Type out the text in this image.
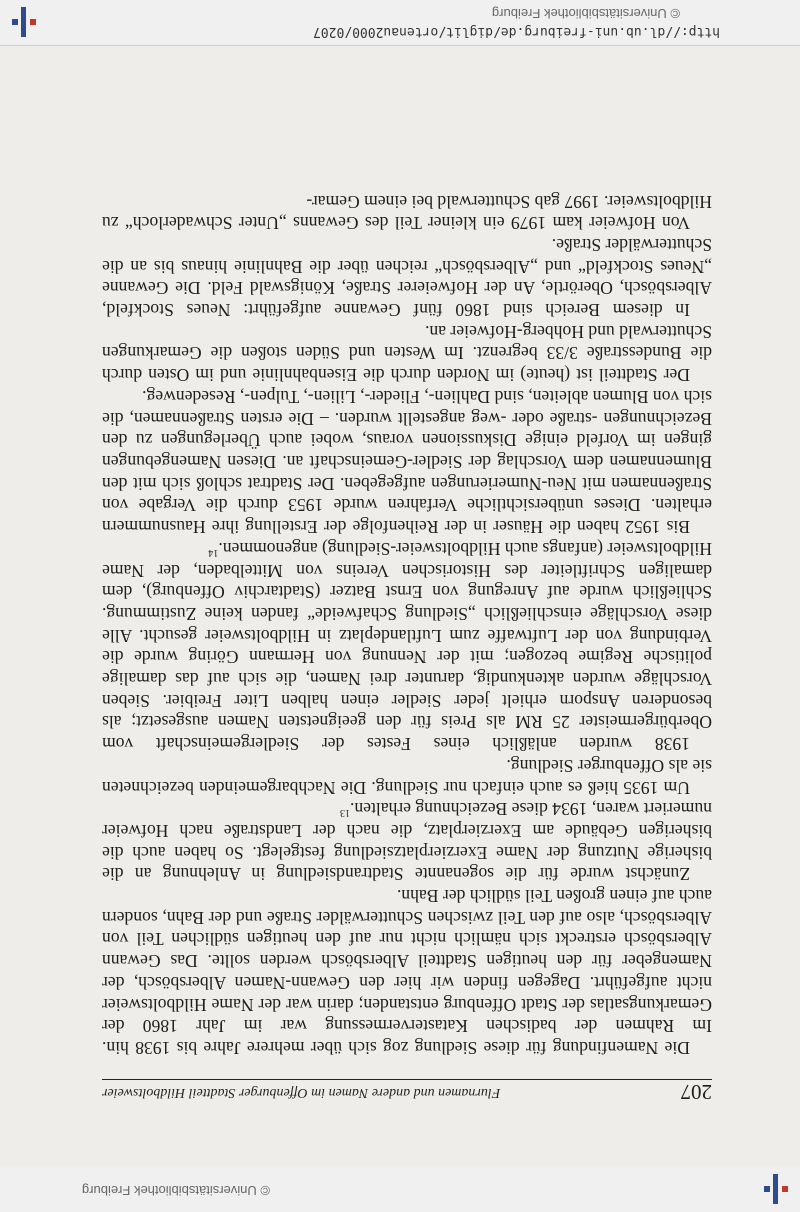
© Universitätsbibliothek Freiburg
207
Flurnamen und andere Namen im Offenburger Stadtteil Hildboltsweier

Die Namenfindung für diese Siedlung zog sich über mehrere Jahre bis 1938 hin. Im Rahmen der badischen Katastervermessung war im Jahr 1860 der Gemarkungsatlas der Stadt Offenburg entstanden; darin war der Name Hildboltsweier nicht aufgeführt. Dagegen finden wir hier den Gewann-Namen Albersbösch, der Namengeber für den heutigen Stadtteil Albersbösch werden sollte. Das Gewann Albersbösch erstreckt sich nämlich nicht nur auf den heutigen südlichen Teil von Albersbösch, also auf den Teil zwischen Schutterwälder Straße und der Bahn, sondern auch auf einen großen Teil südlich der Bahn.

Zunächst wurde für die sogenannte Stadtrandsiedlung in Anlehnung an die bisherige Nutzung der Name Exerzierplatzsiedlung festgelegt. So haben auch die bisherigen Gebäude am Exerzierplatz, die nach der Landstraße nach Hofweier numeriert waren, 1934 diese Bezeichnung erhalten.$^{13}$

Um 1935 hieß es auch einfach nur Siedlung. Die Nachbargemeinden bezeichneten sie als Offenburger Siedlung.

1938 wurden anläßlich eines Festes der Siedlergemeinschaft vom Oberbürgermeister 25 RM als Preis für den geeignetsten Namen ausgesetzt; als besonderen Ansporn erhielt jeder Siedler einen halben Liter Freibier. Sieben Vorschläge wurden aktenkundig, darunter drei Namen, die sich auf das damalige politische Regime bezogen; mit der Nennung von Hermann Göring wurde die Verbindung von der Luftwaffe zum Luftlandeplatz in Hildboltsweier gesucht. Alle diese Vorschläge einschließlich „Siedlung Schafweide“ fanden keine Zustimmung. Schließlich wurde auf Anregung von Ernst Batzer (Stadtarchiv Offenburg), dem damaligen Schriftleiter des Historischen Vereins von Mittelbaden, der Name Hildboltsweier (anfangs auch Hildboltsweier-Siedlung) angenommen.$^{14}$

Bis 1952 haben die Häuser in der Reihenfolge der Erstellung ihre Hausnummern erhalten. Dieses unübersichtliche Verfahren wurde 1953 durch die Vergabe von Straßennamen mit Neu-Numerierungen aufgegeben. Der Stadtrat schloß sich mit den Blumennamen dem Vorschlag der Siedler-Gemeinschaft an. Diesen Namengebungen gingen im Vorfeld einige Diskussionen voraus, wobei auch Überlegungen zu den Bezeichnungen -straße oder -weg angestellt wurden. – Die ersten Straßennamen, die sich von Blumen ableiten, sind Dahlien-, Flieder-, Lilien-, Tulpen-, Resedenweg.

Der Stadtteil ist (heute) im Norden durch die Eisenbahnlinie und im Osten durch die Bundesstraße 3/33 begrenzt. Im Westen und Süden stoßen die Gemarkungen Schutterwald und Hohberg-Hofweier an.

In diesem Bereich sind 1860 fünf Gewanne aufgeführt: Neues Stockfeld, Albersbösch, Oberörtle, An der Hofweierer Straße, Königswald Feld. Die Gewanne „Neues Stockfeld“ und „Albersbösch“ reichen über die Bahnlinie hinaus bis an die Schutterwälder Straße.

Von Hofweier kam 1979 ein kleiner Teil des Gewanns „Unter Schwaderloch“ zu Hildboltsweier. 1997 gab Schutterwald bei einem Gemar-

http://dl.ub.uni-freiburg.de/diglit/ortenau2000/0207
© Universitätsbibliothek Freiburg
